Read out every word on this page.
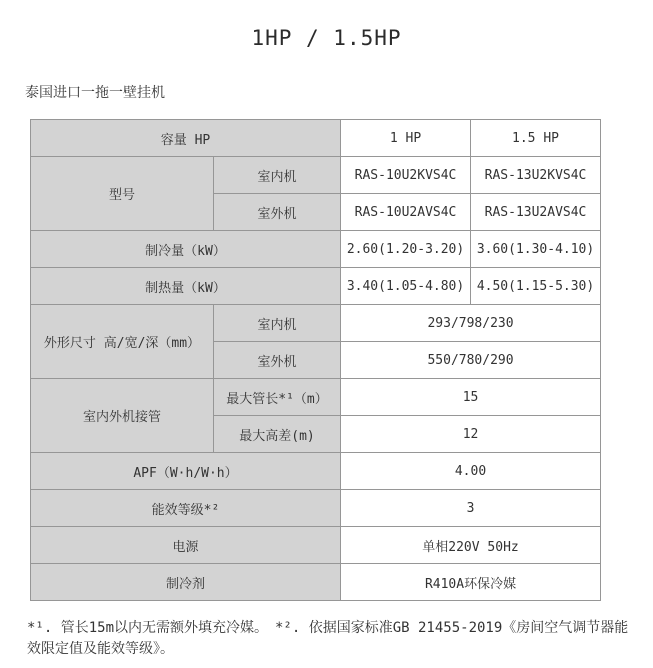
1HP / 1.5HP
泰国进口一拖一壁挂机
容量 HP		1 HP	1.5 HP
型号	室内机	RAS-10U2KVS4C	RAS-13U2KVS4C
	室外机	RAS-10U2AVS4C	RAS-13U2AVS4C
制冷量（kW）		2.60(1.20-3.20)	3.60(1.30-4.10)
制热量（kW）		3.40(1.05-4.80)	4.50(1.15-5.30)
外形尺寸 高/宽/深（mm）	室内机	293/798/230	
	室外机	550/780/290	
室内外机接管	最大管长*¹（m）	15	
	最大高差(m)	12	
APF（W·h/W·h）		4.00	
能效等级*²		3	
电源		单相220V 50Hz	
制冷剂		R410A环保冷媒	
*¹. 管长15m以内无需额外填充冷媒。　*². 依据国家标准GB 21455-2019《房间空气调节器能效限定值及能效等级》。
